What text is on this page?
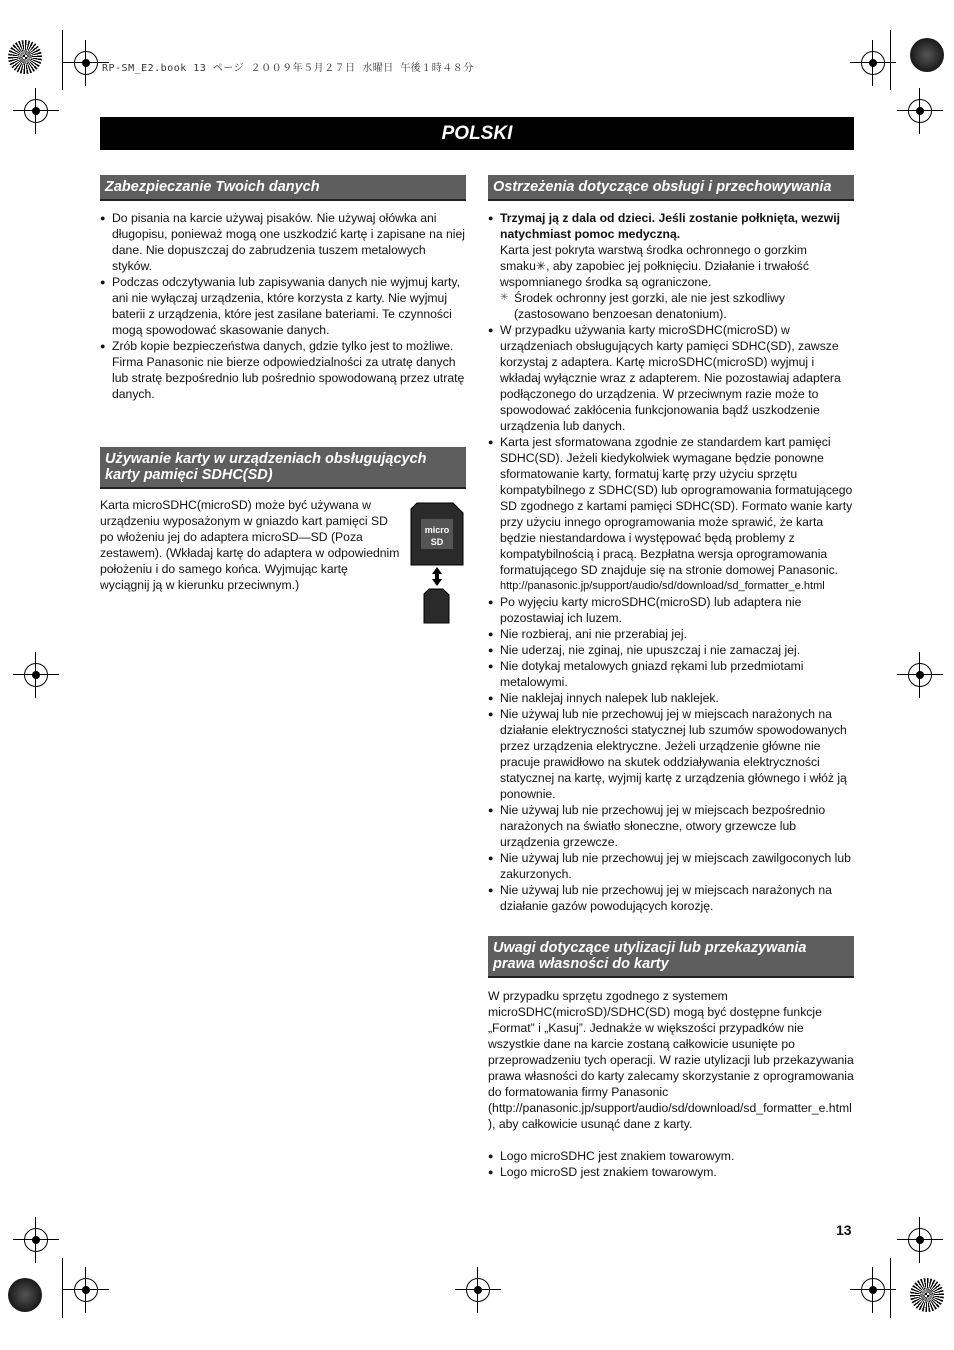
RP-SM_E2.book 13 ページ ２００９年５月２７日 水曜日 午後１時４８分
POLSKI
Zabezpieczanie Twoich danych
● Do pisania na karcie używaj pisaków. Nie używaj ołówka ani długopisu, ponieważ mogą one uszkodzić kartę i zapisane na niej dane. Nie dopuszczaj do zabrudzenia tuszem metalowych styków.
● Podczas odczytywania lub zapisywania danych nie wyjmuj karty, ani nie wyłączaj urządzenia, które korzysta z karty. Nie wyjmuj baterii z urządzenia, które jest zasilane bateriami. Te czynności mogą spowodować skasowanie danych.
● Zrób kopie bezpieczeństwa danych, gdzie tylko jest to możliwe. Firma Panasonic nie bierze odpowiedzialności za utratę danych lub stratę bezpośrednio lub pośrednio spowodowaną przez utratę danych.
Używanie karty w urządzeniach obsługujących karty pamięci SDHC(SD)

Karta microSDHC(microSD) może być używana w urządzeniu wyposażonym w gniazdo kart pamięci SD po włożeniu jej do adaptera microSD—SD (Poza zestawem). (Wkładaj kartę do adaptera w odpowiednim położeniu i do samego końca. Wyjmując kartę wyciągnij ją w kierunku przeciwnym.)

micro
SD
Ostrzeżenia dotyczące obsługi i przechowywania
● Trzymaj ją z dala od dzieci. Jeśli zostanie połknięta, wezwij natychmiast pomoc medyczną.
Karta jest pokryta warstwą środka ochronnego o gorzkim smaku✳, aby zapobiec jej połknięciu. Działanie i trwałość wspomnianego środka są ograniczone.
✳ Środek ochronny jest gorzki, ale nie jest szkodliwy (zastosowano benzoesan denatonium).
● W przypadku używania karty microSDHC(microSD) w urządzeniach obsługujących karty pamięci SDHC(SD), zawsze korzystaj z adaptera. Kartę microSDHC(microSD) wyjmuj i wkładaj wyłącznie wraz z adapterem. Nie pozostawiaj adaptera podłączonego do urządzenia. W przeciwnym razie może to spowodować zakłócenia funkcjonowania bądź uszkodzenie urządzenia lub danych.
● Karta jest sformatowana zgodnie ze standardem kart pamięci SDHC(SD). Jeżeli kiedykolwiek wymagane będzie ponowne sformatowanie karty, formatuj kartę przy użyciu sprzętu kompatybilnego z SDHC(SD) lub oprogramowania formatującego SD zgodnego z kartami pamięci SDHC(SD). Formato wanie karty przy użyciu innego oprogramowania może sprawić, że karta będzie niestandardowa i występować będą problemy z kompatybilnością i pracą. Bezpłatna wersja oprogramowania formatującego SD znajduje się na stronie domowej Panasonic.
http://panasonic.jp/support/audio/sd/download/sd_formatter_e.html
● Po wyjęciu karty microSDHC(microSD) lub adaptera nie pozostawiaj ich luzem.
● Nie rozbieraj, ani nie przerabiaj jej.
● Nie uderzaj, nie zginaj, nie upuszczaj i nie zamaczaj jej.
● Nie dotykaj metalowych gniazd rękami lub przedmiotami metalowymi.
● Nie naklejaj innych nalepek lub naklejek.
● Nie używaj lub nie przechowuj jej w miejscach narażonych na działanie elektryczności statycznej lub szumów spowodowanych przez urządzenia elektryczne. Jeżeli urządzenie główne nie pracuje prawidłowo na skutek oddziaływania elektryczności statycznej na kartę, wyjmij kartę z urządzenia głównego i włóż ją ponownie.
● Nie używaj lub nie przechowuj jej w miejscach bezpośrednio narażonych na światło słoneczne, otwory grzewcze lub urządzenia grzewcze.
● Nie używaj lub nie przechowuj jej w miejscach zawilgoconych lub zakurzonych.
● Nie używaj lub nie przechowuj jej w miejscach narażonych na działanie gazów powodujących korozję.
Uwagi dotyczące utylizacji lub przekazywania prawa własności do karty

W przypadku sprzętu zgodnego z systemem microSDHC(microSD)/SDHC(SD) mogą być dostępne funkcje „Format” i „Kasuj”. Jednakże w większości przypadków nie wszystkie dane na karcie zostaną całkowicie usunięte po przeprowadzeniu tych operacji. W razie utylizacji lub przekazywania prawa własności do karty zalecamy skorzystanie z oprogramowania do formatowania firmy Panasonic (http://panasonic.jp/support/audio/sd/download/sd_formatter_e.html), aby całkowicie usunąć dane z karty.

● Logo microSDHC jest znakiem towarowym.
● Logo microSD jest znakiem towarowym.
13
